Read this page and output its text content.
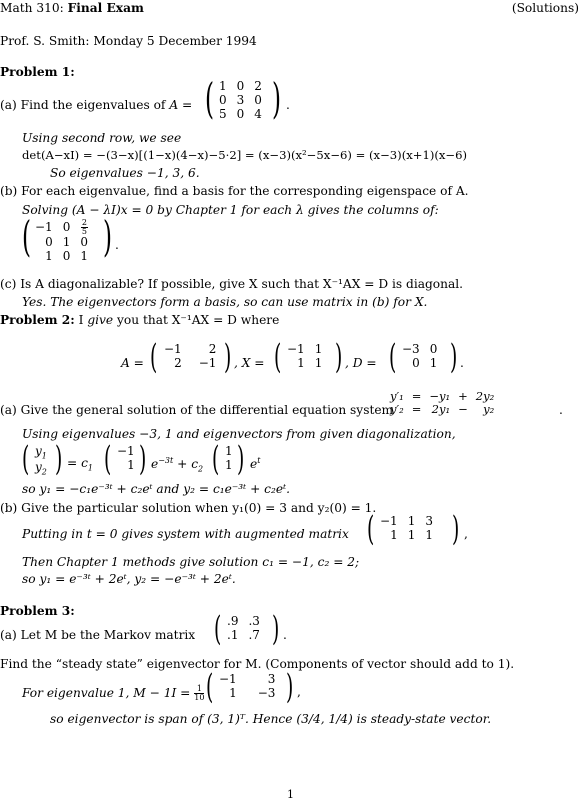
Math 310: Final Exam	(Solutions)
Prof. S. Smith: Monday 5 December 1994
Problem 1:
(a) Find the eigenvalues of A = ( 1	0	2
0	3	0
5	0	4 ) .
Using second row, we see
det(A−xI) = −(3−x)[(1−x)(4−x)−5·2] = (x−3)(x²−5x−6) = (x−3)(x+1)(x−6)
So eigenvalues −1, 3, 6.
(b) For each eigenvalue, find a basis for the corresponding eigenspace of A.
Solving (A − λI)x = 0 by Chapter 1 for each λ gives the columns of:
( −1	0	$\frac{2}{5}$

0	1	0
1	0	1 ) .
(c) Is A diagonalizable? If possible, give X such that X⁻¹AX = D is diagonal.
Yes. The eigenvectors form a basis, so can use matrix in (b) for X.
Problem 2: I give you that X⁻¹AX = D where
A = ( −1	2
2	−1 ) , X = ( −1	1
1	1 ) , D = ( −3	0
0	1 ) .
(a) Give the general solution of the differential equation system
y′₁	=	−y₁	+	2y₂
y′₂	=	2y₁	−	y₂	.
Using eigenvalues −3, 1 and eigenvectors from given diagonalization,
( $y_1$
$y_2$ ) = $c_1$ ( −1
1 ) $e^{-3t} + c_2$ ( 1
1 ) $e^t$
so y₁ = −c₁e⁻³ᵗ + c₂eᵗ and y₂ = c₁e⁻³ᵗ + c₂eᵗ.
(b) Give the particular solution when y₁(0) = 3 and y₂(0) = 1.
Putting in t = 0 gives system with augmented matrix ( −1	1	3
1	1	1 ) ,
Then Chapter 1 methods give solution c₁ = −1, c₂ = 2;
so y₁ = e⁻³ᵗ + 2eᵗ, y₂ = −e⁻³ᵗ + 2eᵗ.
Problem 3:
(a) Let M be the Markov matrix ( .9	.3
.1	.7 ) .
Find the “steady state” eigenvector for M. (Components of vector should add to 1).
For eigenvalue 1, $M - 1I = \frac{1}{10}$ ( −1	3
1	−3 ) ,
so eigenvector is span of (3, 1)ᵀ. Hence (3/4, 1/4) is steady-state vector.
1
